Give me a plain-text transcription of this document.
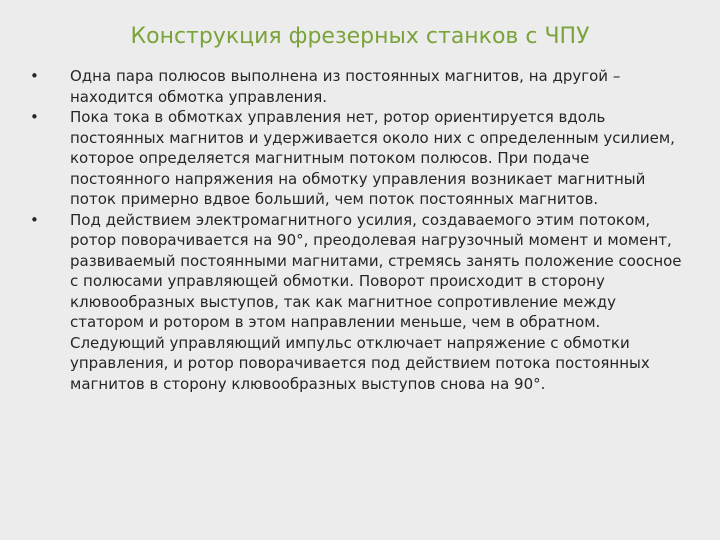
Конструкция фрезерных станков с ЧПУ
•	Одна пара полюсов выполнена из постоянных магнитов, на другой – находится обмотка управления.
•	Пока тока в обмотках управления нет, ротор ориентируется вдоль постоянных магнитов и удерживается около них с определенным усилием, которое определяется магнитным потоком полюсов. При подаче постоянного напряжения на обмотку управления возникает магнитный поток примерно вдвое больший, чем поток постоянных магнитов.
•	Под действием электромагнитного усилия, создаваемого этим потоком, ротор поворачивается на 90°, преодолевая нагрузочный момент и момент, развиваемый постоянными магнитами, стремясь занять положение соосное с полюсами управляющей обмотки. Поворот происходит в сторону клювообразных выступов, так как магнитное сопротивление между статором и ротором в этом направлении меньше, чем в обратном. Следующий управляющий импульс отключает напряжение с обмотки управления, и ротор поворачивается под действием потока постоянных магнитов в сторону клювообразных выступов снова на 90°.
